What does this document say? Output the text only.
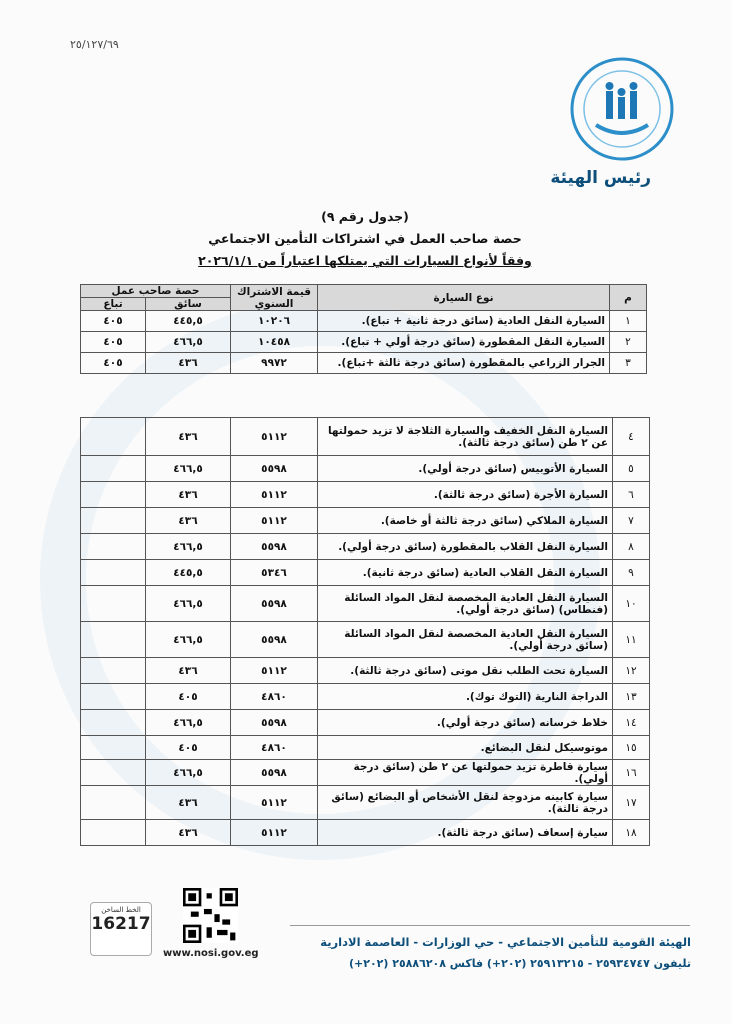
٢٥/١٢٧/٦٩
رئيس الهيئة
(جدول رقم ٩)
حصة صاحب العمل في اشتراكات التأمين الاجتماعي
وفقاً لأنواع السيارات التي يمتلكها اعتباراً من ٢٠٢٦/١/١
م	نوع السيارة	قيمة الاشتراك السنوي	حصة صاحب عمل	
			سائق	تباع
١	السيارة النقل العادية (سائق درجة ثانية + تباع).	١٠٢٠٦	٤٤٥,٥	٤٠٥
٢	السيارة النقل المقطورة (سائق درجة أولي + تباع).	١٠٤٥٨	٤٦٦,٥	٤٠٥
٣	الجرار الزراعي بالمقطورة (سائق درجة ثالثة +تباع).	٩٩٧٢	٤٣٦	٤٠٥
٤	السيارة النقل الخفيف والسيارة الثلاجة لا تزيد حمولتها عن ٢ طن (سائق درجة ثالثة).	٥١١٢	٤٣٦	
٥	السيارة الأتوبيس (سائق درجة أولي).	٥٥٩٨	٤٦٦,٥	
٦	السيارة الأجرة (سائق درجة ثالثة).	٥١١٢	٤٣٦	
٧	السيارة الملاكي (سائق درجة ثالثة أو خاصة).	٥١١٢	٤٣٦	
٨	السيارة النقل القلاب بالمقطورة (سائق درجة أولي).	٥٥٩٨	٤٦٦,٥	
٩	السيارة النقل القلاب العادية (سائق درجة ثانية).	٥٣٤٦	٤٤٥,٥	
١٠	السيارة النقل العادية المخصصة لنقل المواد السائلة (فنطاس) (سائق درجة أولي).	٥٥٩٨	٤٦٦,٥	
١١	السيارة النقل العادية المخصصة لنقل المواد السائلة (سائق درجة أولي).	٥٥٩٨	٤٦٦,٥	
١٢	السيارة تحت الطلب نقل موتى (سائق درجة ثالثة).	٥١١٢	٤٣٦	
١٣	الدراجة النارية (التوك توك).	٤٨٦٠	٤٠٥	
١٤	خلاط خرسانه (سائق درجة أولي).	٥٥٩٨	٤٦٦,٥	
١٥	موتوسيكل لنقل البضائع.	٤٨٦٠	٤٠٥	
١٦	سيارة قاطرة تزيد حمولتها عن ٢ طن (سائق درجة أولي).	٥٥٩٨	٤٦٦,٥	
١٧	سيارة كابينه مزدوجة لنقل الأشخاص أو البضائع (سائق درجة ثالثة).	٥١١٢	٤٣٦	
١٨	سيارة إسعاف (سائق درجة ثالثة).	٥١١٢	٤٣٦	
www.nosi.gov.eg
الخط الساخن
16217
الهيئة القومية للتأمين الاجتماعي - حي الوزارات - العاصمة الادارية
تليفون ٢٥٩٣٤٧٤٧ - ٢٥٩١٣٢١٥ (٢٠٢+) فاكس ٢٥٨٨٦٢٠٨ (٢٠٢+)
